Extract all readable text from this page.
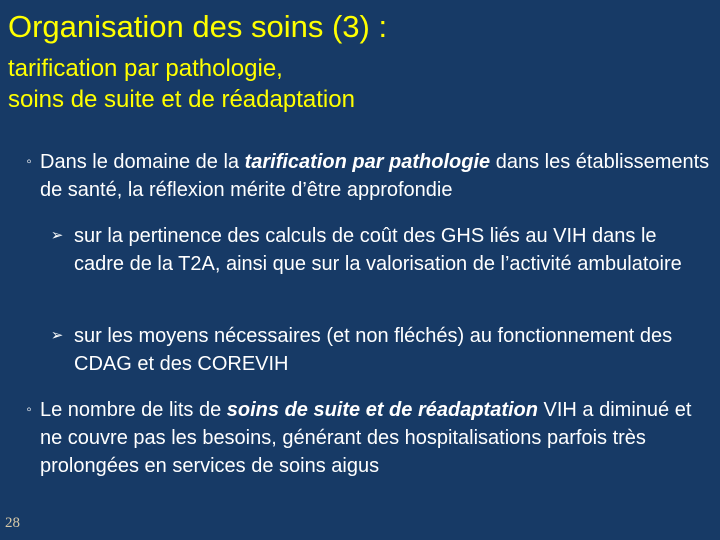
Organisation des soins (3) :
tarification par pathologie,
soins de suite et de réadaptation
◦ Dans le domaine de la tarification par pathologie dans les établissements de santé, la réflexion mérite d’être approfondie
➢ sur la pertinence des calculs de coût des GHS liés au VIH dans le cadre de la T2A, ainsi que sur la valorisation de l’activité ambulatoire
➢ sur les moyens nécessaires (et non fléchés) au fonctionnement des CDAG et des COREVIH
◦ Le nombre de lits de soins de suite et de réadaptation VIH a diminué et ne couvre pas les besoins, générant des hospitalisations parfois très prolongées en services de soins aigus
28
